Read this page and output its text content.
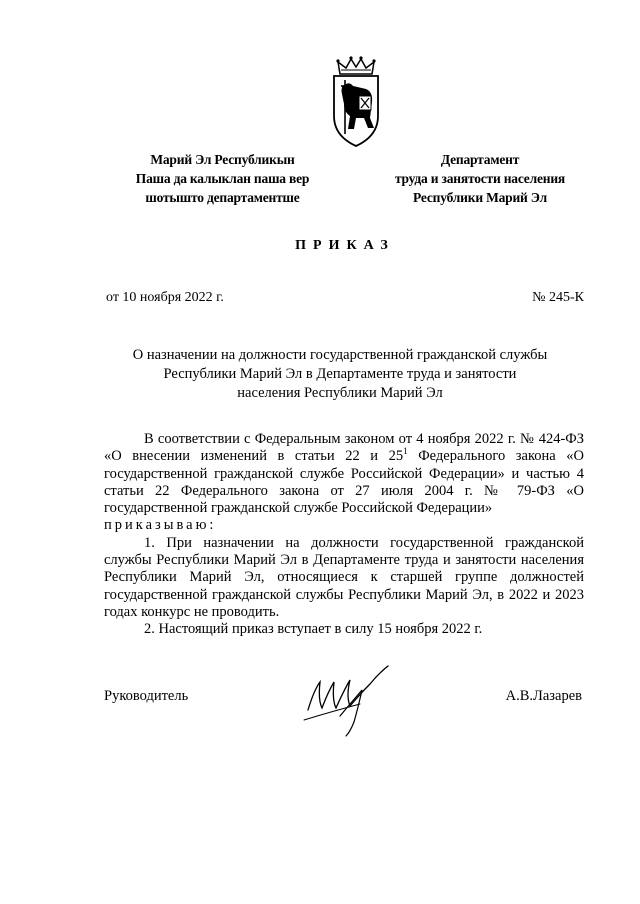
Марий Эл Республикын
Паша да калыклан паша вер
шотышто департаментше
Департамент
труда и занятости населения
Республики Марий Эл
ПРИКАЗ
от 10 ноября 2022 г.	№ 245-К
О назначении на должности государственной гражданской службы
Республики Марий Эл в Департаменте труда и занятости
населения Республики Марий Эл

В соответствии с Федеральным законом от 4 ноября 2022 г. № 424-ФЗ «О внесении изменений в статьи 22 и $25^1$ Федерального закона «О государственной гражданской службе Российской Федерации» и частью 4 статьи 22 Федерального закона от 27 июля 2004 г. № 79-ФЗ «О государственной гражданской службе Российской Федерации»

приказываю:

1. При назначении на должности государственной гражданской службы Республики Марий Эл в Департаменте труда и занятости населения Республики Марий Эл, относящиеся к старшей группе должностей государственной гражданской службы Республики Марий Эл, в 2022 и 2023 годах конкурс не проводить.

2. Настоящий приказ вступает в силу 15 ноября 2022 г.

Руководитель	А.В.Лазарев
